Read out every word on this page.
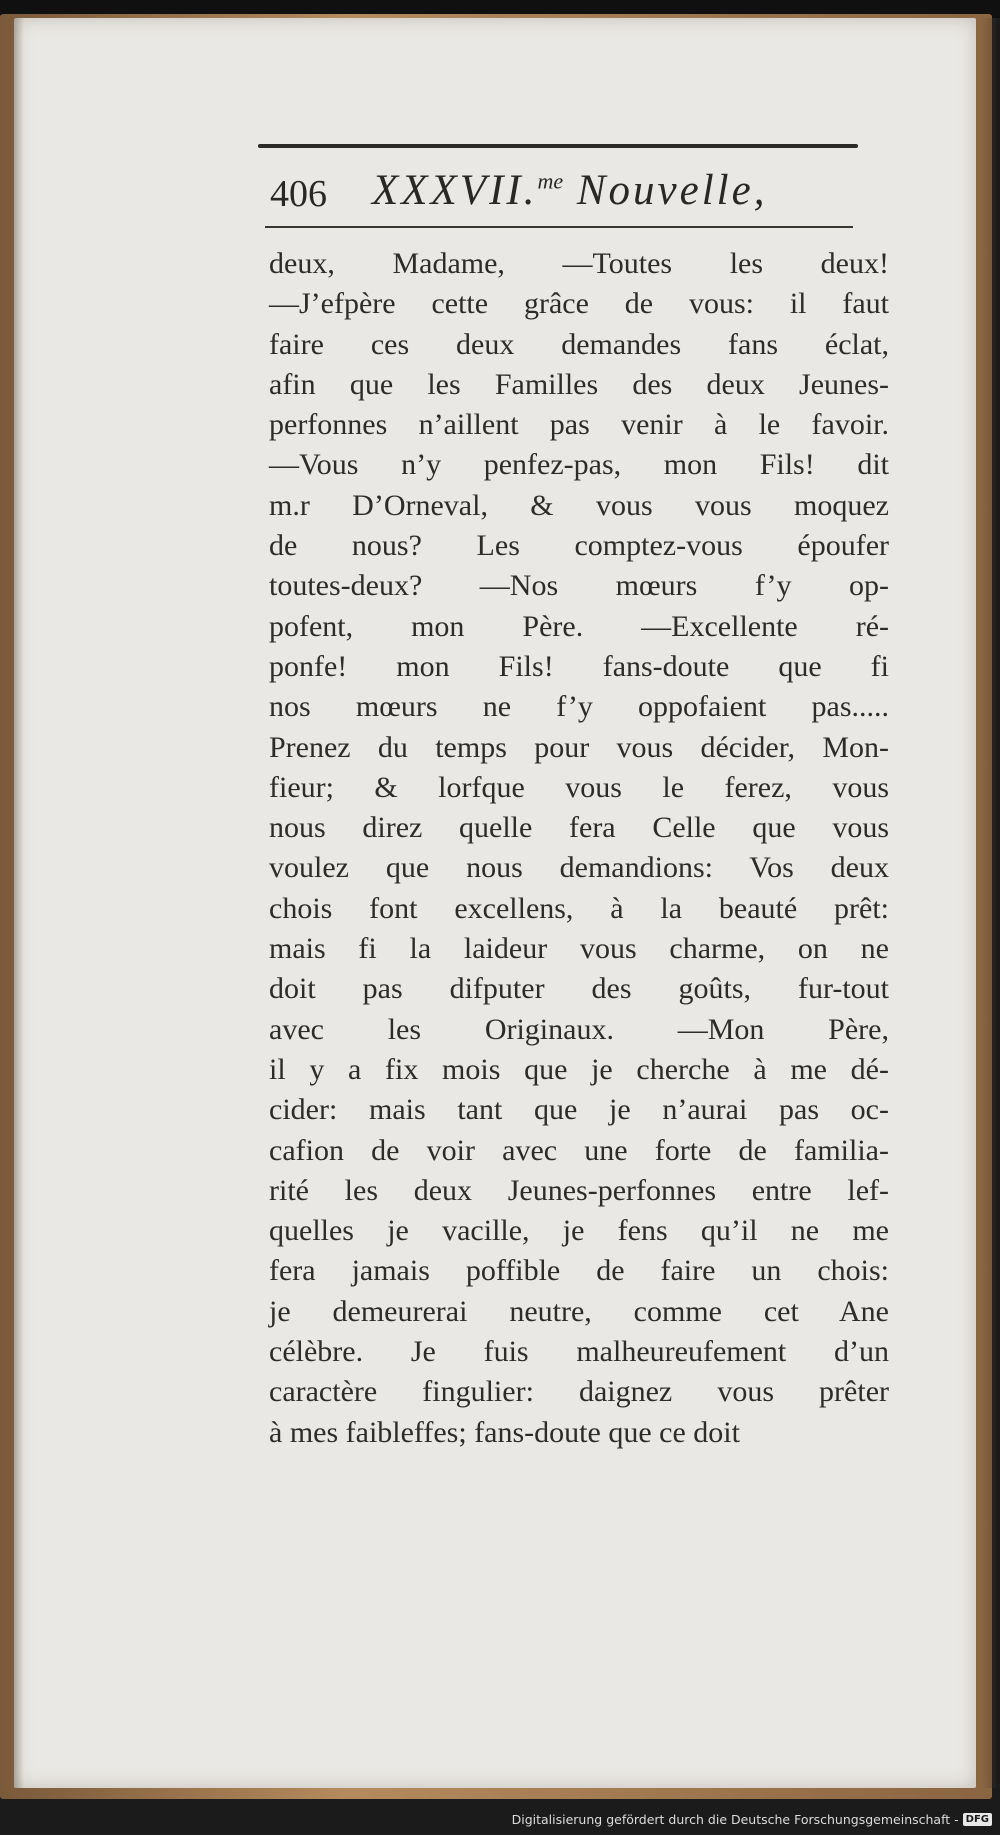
406 XXXVII.$^{me}$ Nouvelle,
deux, Madame, —Toutes les deux!
—J’efpère cette grâce de vous: il faut
faire ces deux demandes fans éclat,
afin que les Familles des deux Jeunes-
perfonnes n’aillent pas venir à le favoir.
—Vous n’y penfez-pas, mon Fils! dit
m.r D’Orneval, & vous vous moquez
de nous? Les comptez-vous époufer
toutes-deux? —Nos mœurs f’y op-
pofent, mon Père. —Excellente ré-
ponfe! mon Fils! fans-doute que fi
nos mœurs ne f’y oppofaient pas.....
Prenez du temps pour vous décider, Mon-
fieur; & lorfque vous le ferez, vous
nous direz quelle fera Celle que vous
voulez que nous demandions: Vos deux
chois font excellens, à la beauté prêt:
mais fi la laideur vous charme, on ne
doit pas difputer des goûts, fur-tout
avec les Originaux. —Mon Père,
il y a fix mois que je cherche à me dé-
cider: mais tant que je n’aurai pas oc-
cafion de voir avec une forte de familia-
rité les deux Jeunes-perfonnes entre lef-
quelles je vacille, je fens qu’il ne me
fera jamais poffible de faire un chois:
je demeurerai neutre, comme cet Ane
célèbre. Je fuis malheureufement d’un
caractère fingulier: daignez vous prêter
à mes faibleffes; fans-doute que ce doit
Digitalisierung gefördert durch die Deutsche Forschungsgemeinschaft - DFG
